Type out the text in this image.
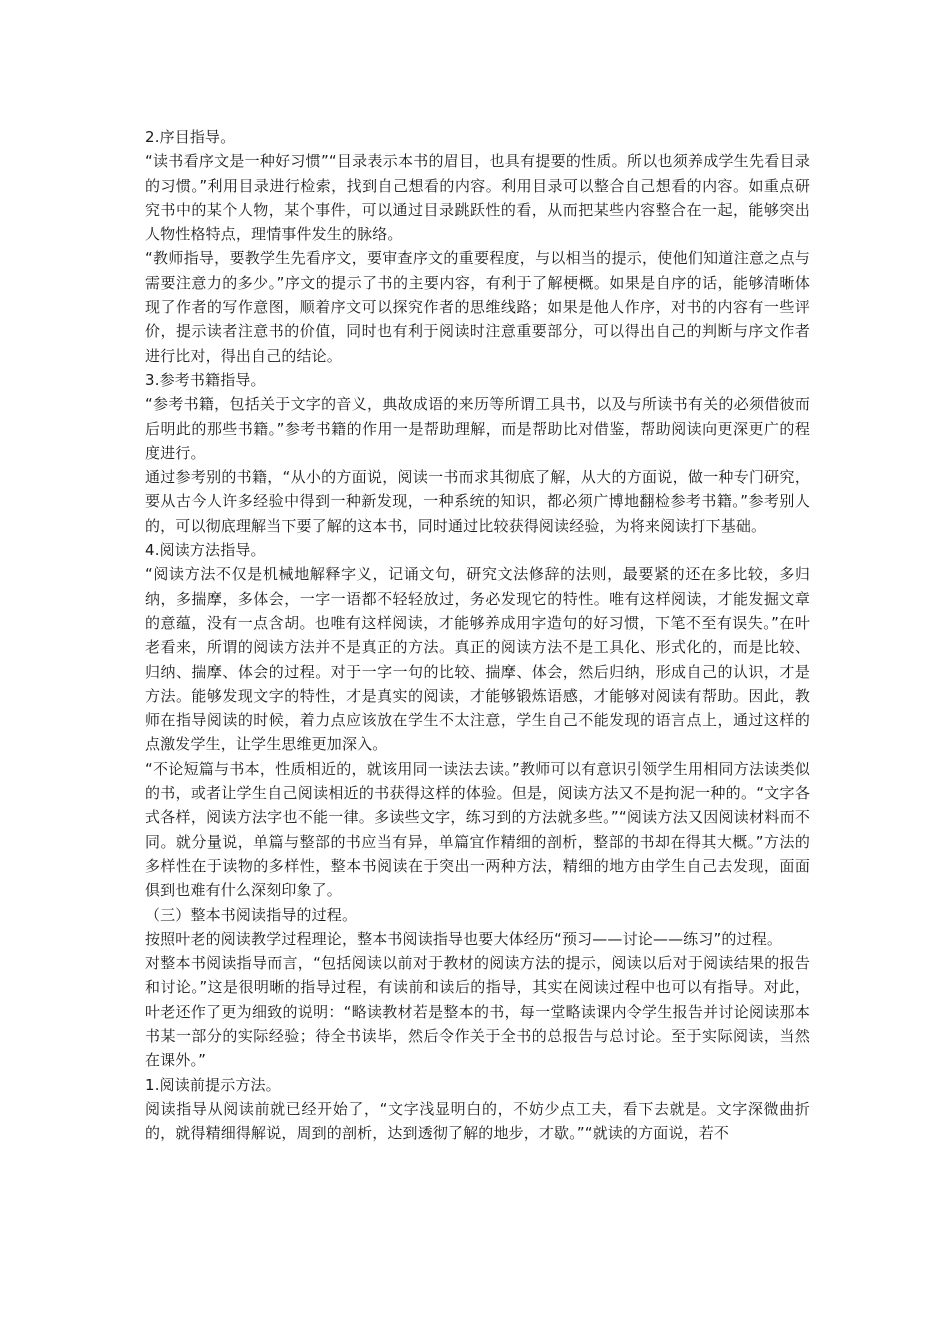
2.序目指导。

“读书看序文是一种好习惯”“目录表示本书的眉目，也具有提要的性质。所以也须养成学生先看目录的习惯。”利用目录进行检索，找到自己想看的内容。利用目录可以整合自己想看的内容。如重点研究书中的某个人物，某个事件，可以通过目录跳跃性的看，从而把某些内容整合在一起，能够突出人物性格特点，理情事件发生的脉络。

“教师指导，要教学生先看序文，要审查序文的重要程度，与以相当的提示，使他们知道注意之点与需要注意力的多少。”序文的提示了书的主要内容，有利于了解梗概。如果是自序的话，能够清晰体现了作者的写作意图，顺着序文可以探究作者的思维线路；如果是他人作序，对书的内容有一些评价，提示读者注意书的价值，同时也有利于阅读时注意重要部分，可以得出自己的判断与序文作者进行比对，得出自己的结论。

3.参考书籍指导。

“参考书籍，包括关于文字的音义，典故成语的来历等所谓工具书，以及与所读书有关的必须借彼而后明此的那些书籍。”参考书籍的作用一是帮助理解，而是帮助比对借鉴，帮助阅读向更深更广的程度进行。

通过参考别的书籍，“从小的方面说，阅读一书而求其彻底了解，从大的方面说，做一种专门研究，要从古今人许多经验中得到一种新发现，一种系统的知识，都必须广博地翻检参考书籍。”参考别人的，可以彻底理解当下要了解的这本书，同时通过比较获得阅读经验，为将来阅读打下基础。

4.阅读方法指导。

“阅读方法不仅是机械地解释字义，记诵文句，研究文法修辞的法则，最要紧的还在多比较，多归纳，多揣摩，多体会，一字一语都不轻轻放过，务必发现它的特性。唯有这样阅读，才能发掘文章的意蕴，没有一点含胡。也唯有这样阅读，才能够养成用字造句的好习惯，下笔不至有误失。”在叶老看来，所谓的阅读方法并不是真正的方法。真正的阅读方法不是工具化、形式化的，而是比较、归纳、揣摩、体会的过程。对于一字一句的比较、揣摩、体会，然后归纳，形成自己的认识，才是方法。能够发现文字的特性，才是真实的阅读，才能够锻炼语感，才能够对阅读有帮助。因此，教师在指导阅读的时候，着力点应该放在学生不太注意，学生自己不能发现的语言点上，通过这样的点激发学生，让学生思维更加深入。

“不论短篇与书本，性质相近的，就该用同一读法去读。”教师可以有意识引领学生用相同方法读类似的书，或者让学生自己阅读相近的书获得这样的体验。但是，阅读方法又不是拘泥一种的。“文字各式各样，阅读方法字也不能一律。多读些文字，练习到的方法就多些。”“阅读方法又因阅读材料而不同。就分量说，单篇与整部的书应当有异，单篇宜作精细的剖析，整部的书却在得其大概。”方法的多样性在于读物的多样性，整本书阅读在于突出一两种方法，精细的地方由学生自己去发现，面面俱到也难有什么深刻印象了。

（三）整本书阅读指导的过程。

按照叶老的阅读教学过程理论，整本书阅读指导也要大体经历“预习——讨论——练习”的过程。

对整本书阅读指导而言，“包括阅读以前对于教材的阅读方法的提示，阅读以后对于阅读结果的报告和讨论。”这是很明晰的指导过程，有读前和读后的指导，其实在阅读过程中也可以有指导。对此，叶老还作了更为细致的说明：“略读教材若是整本的书，每一堂略读课内令学生报告并讨论阅读那本书某一部分的实际经验；待全书读毕，然后令作关于全书的总报告与总讨论。至于实际阅读，当然在课外。”

1.阅读前提示方法。

阅读指导从阅读前就已经开始了，“文字浅显明白的，不妨少点工夫，看下去就是。文字深微曲折的，就得精细得解说，周到的剖析，达到透彻了解的地步，才歇。”“就读的方面说，若不
